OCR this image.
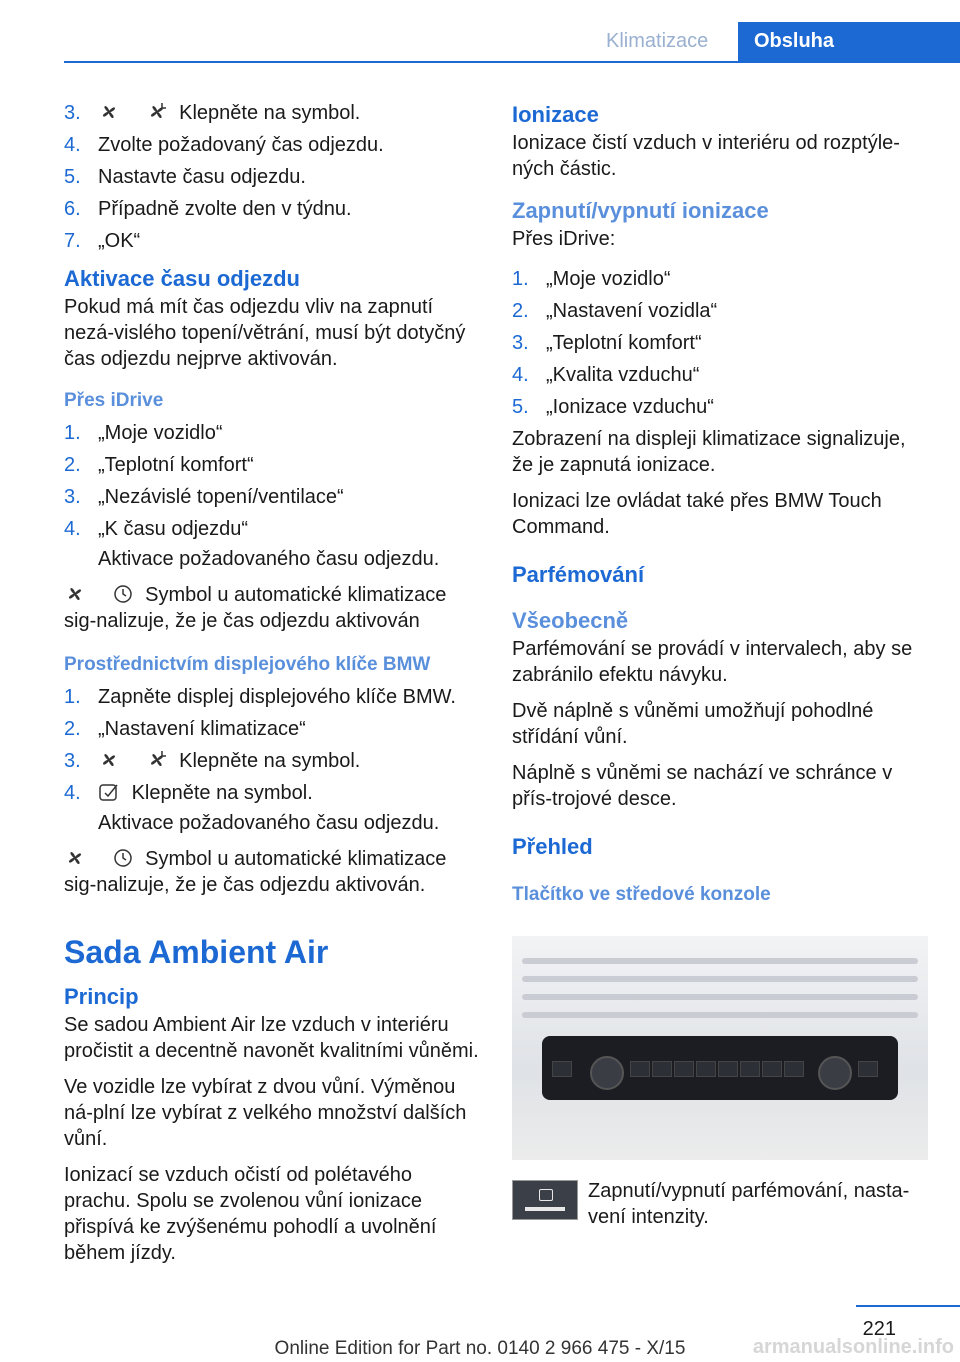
Klimatizace	Obsluha
3.	Klepněte na symbol.
4. Zvolte požadovaný čas odjezdu.
5. Nastavte času odjezdu.
6. Případně zvolte den v týdnu.
7. „OK“
Aktivace času odjezdu

Pokud má mít čas odjezdu vliv na zapnutí nezá‐vislého topení/větrání, musí být dotyčný čas odjezdu nejprve aktivován.

Přes iDrive
1. „Moje vozidlo“
2. „Teplotní komfort“
3. „Nezávislé topení/ventilace“
4. „K času odjezdu“
Aktivace požadovaného času odjezdu.

Symbol u automatické klimatizace sig‐nalizuje, že je čas odjezdu aktivován

Prostřednictvím displejového klíče BMW
1. Zapněte displej displejového klíče BMW.
2. „Nastavení klimatizace“
3.	Klepněte na symbol.
4.	Klepněte na symbol.
Aktivace požadovaného času odjezdu.

Symbol u automatické klimatizace sig‐nalizuje, že je čas odjezdu aktivován.

Sada Ambient Air
Princip

Se sadou Ambient Air lze vzduch v interiéru pročistit a decentně navonět kvalitními vůněmi.

Ve vozidle lze vybírat z dvou vůní. Výměnou ná‐plní lze vybírat z velkého množství dalších vůní.

Ionizací se vzduch očistí od polétavého prachu. Spolu se zvolenou vůní ionizace přispívá ke zvýšenému pohodlí a uvolnění během jízdy.

Ionizace

Ionizace čistí vzduch v interiéru od rozptýle‐ných částic.

Zapnutí/vypnutí ionizace

Přes iDrive:

1. „Moje vozidlo“
2. „Nastavení vozidla“
3. „Teplotní komfort“
4. „Kvalita vzduchu“
5. „Ionizace vzduchu“

Zobrazení na displeji klimatizace signalizuje, že je zapnutá ionizace.

Ionizaci lze ovládat také přes BMW Touch Command.

Parfémování
Všeobecně

Parfémování se provádí v intervalech, aby se zabránilo efektu návyku.

Dvě náplně s vůněmi umožňují pohodlné střídání vůní.

Náplně s vůněmi se nachází ve schránce v přís‐trojové desce.

Přehled
Tlačítko ve středové konzole
Zapnutí/vypnutí parfémování, nasta‐vení intenzity.
221
Online Edition for Part no. 0140 2 966 475 - X/15	armanualsonline.info
